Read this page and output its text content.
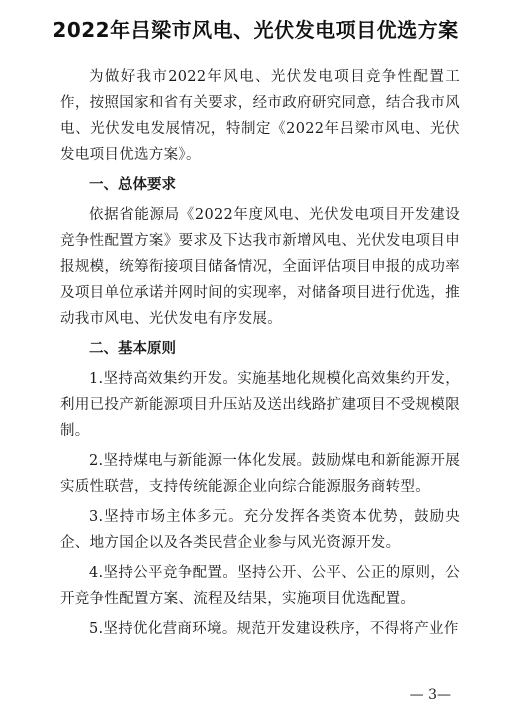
2022年吕梁市风电、光伏发电项目优选方案

为做好我市2022年风电、光伏发电项目竞争性配置工作，按照国家和省有关要求，经市政府研究同意，结合我市风电、光伏发电发展情况，特制定《2022年吕梁市风电、光伏发电项目优选方案》。

一、总体要求

依据省能源局《2022年度风电、光伏发电项目开发建设竞争性配置方案》要求及下达我市新增风电、光伏发电项目申报规模，统筹衔接项目储备情况，全面评估项目申报的成功率及项目单位承诺并网时间的实现率，对储备项目进行优选，推动我市风电、光伏发电有序发展。

二、基本原则

1.坚持高效集约开发。实施基地化规模化高效集约开发，利用已投产新能源项目升压站及送出线路扩建项目不受规模限制。

2.坚持煤电与新能源一体化发展。鼓励煤电和新能源开展实质性联营，支持传统能源企业向综合能源服务商转型。

3.坚持市场主体多元。充分发挥各类资本优势，鼓励央企、地方国企以及各类民营企业参与风光资源开发。

4.坚持公平竞争配置。坚持公开、公平、公正的原则，公开竞争性配置方案、流程及结果，实施项目优选配置。

5.坚持优化营商环境。规范开发建设秩序，不得将产业作

— 3—
